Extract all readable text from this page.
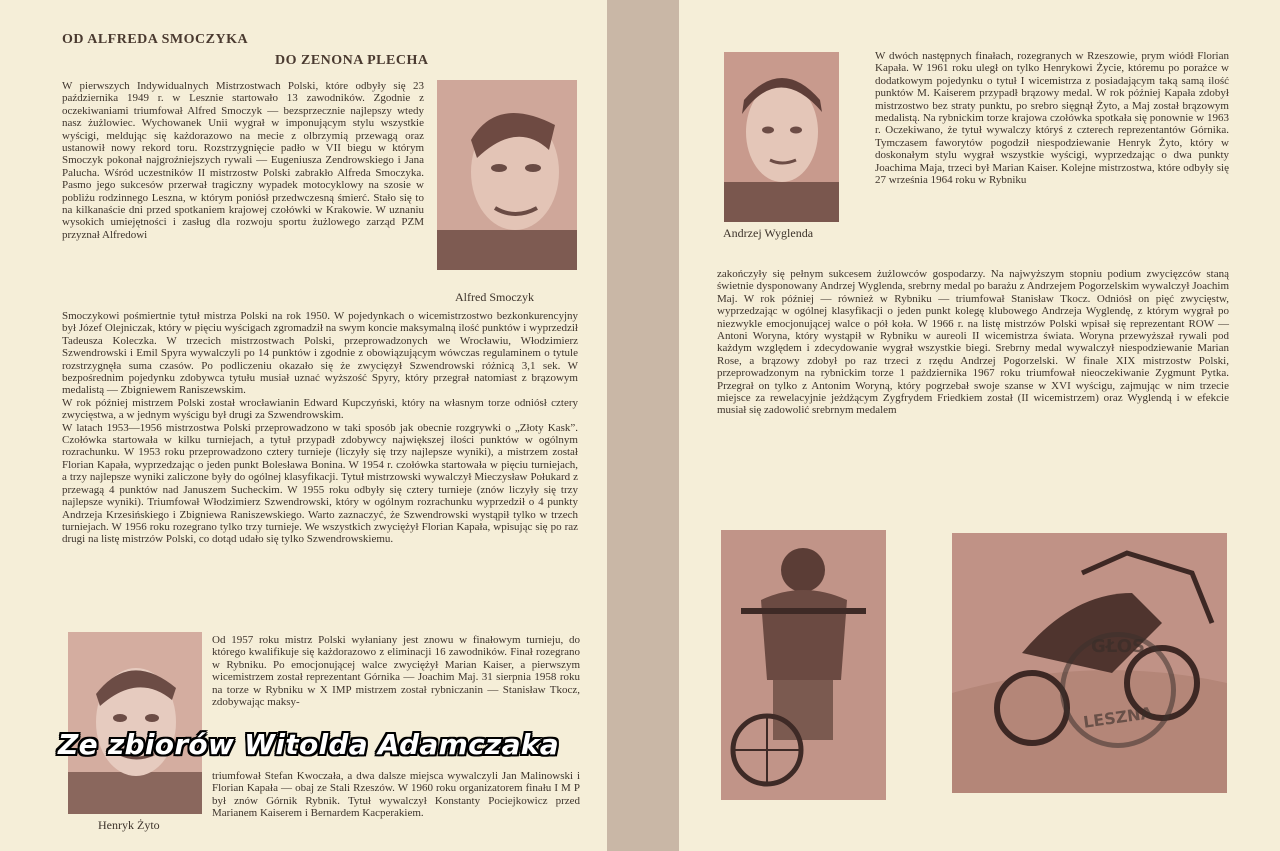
OD ALFREDA SMOCZYKA
DO ZENONA PLECHA
W pierwszych Indywidualnych Mistrzostwach Polski, które odbyły się 23 października 1949 r. w Lesznie startowało 13 zawodników. Zgodnie z oczekiwaniami triumfował Alfred Smoczyk — bezsprzecznie najlepszy wtedy nasz żużlowiec. Wychowanek Unii wygrał w imponującym stylu wszystkie wyścigi, meldując się każdorazowo na mecie z olbrzymią przewagą oraz ustanowił nowy rekord toru. Rozstrzygnięcie padło w VII biegu w którym Smoczyk pokonał najgroźniejszych rywali — Eugeniusza Zendrowskiego i Jana Palucha. Wśród uczestników II mistrzostw Polski zabrakło Alfreda Smoczyka. Pasmo jego sukcesów przerwał tragiczny wypadek motocyklowy na szosie w pobliżu rodzinnego Leszna, w którym poniósł przedwczesną śmierć. Stało się to na kilkanaście dni przed spotkaniem krajowej czołówki w Krakowie. W uznaniu wysokich umiejętności i zasług dla rozwoju sportu żużlowego zarząd PZM przyznał Alfredowi
Alfred Smoczyk
Smoczykowi pośmiertnie tytuł mistrza Polski na rok 1950. W pojedynkach o wicemistrzostwo bezkonkurencyjny był Józef Olejniczak, który w pięciu wyścigach zgromadził na swym koncie maksymalną ilość punktów i wyprzedził Tadeusza Koleczka. W trzecich mistrzostwach Polski, przeprowadzonych we Wrocławiu, Włodzimierz Szwendrowski i Emil Spyra wywalczyli po 14 punktów i zgodnie z obowiązującym wówczas regulaminem o tytule rozstrzygnęła suma czasów. Po podliczeniu okazało się że zwycięzył Szwendrowski różnicą 3,1 sek. W bezpośrednim pojedynku zdobywca tytułu musiał uznać wyższość Spyry, który przegrał natomiast z brązowym medalistą — Zbigniewem Raniszewskim.
W rok później mistrzem Polski został wrocławianin Edward Kupczyński, który na własnym torze odniósł cztery zwycięstwa, a w jednym wyścigu był drugi za Szwendrowskim.
W latach 1953—1956 mistrzostwa Polski przeprowadzono w taki sposób jak obecnie rozgrywki o „Złoty Kask”. Czołówka startowała w kilku turniejach, a tytuł przypadł zdobywcy największej ilości punktów w ogólnym rozrachunku. W 1953 roku przeprowadzono cztery turnieje (liczyły się trzy najlepsze wyniki), a mistrzem został Florian Kapała, wyprzedzając o jeden punkt Bolesława Bonina. W 1954 r. czołówka startowała w pięciu turniejach, a trzy najlepsze wyniki zaliczone były do ogólnej klasyfikacji. Tytuł mistrzowski wywalczył Mieczysław Połukard z przewagą 4 punktów nad Januszem Sucheckim. W 1955 roku odbyły się cztery turnieje (znów liczyły się trzy najlepsze wyniki). Triumfował Włodzimierz Szwendrowski, który w ogólnym rozrachunku wyprzedził o 4 punkty Andrzeja Krzesińskiego i Zbigniewa Raniszewskiego. Warto zaznaczyć, że Szwendrowski wystąpił tylko w trzech turniejach. W 1956 roku rozegrano tylko trzy turnieje. We wszystkich zwyciężył Florian Kapała, wpisując się po raz drugi na listę mistrzów Polski, co dotąd udało się tylko Szwendrowskiemu.
Henryk Żyto
Od 1957 roku mistrz Polski wyłaniany jest znowu w finałowym turnieju, do którego kwalifikuje się każdorazowo z eliminacji 16 zawodników. Finał rozegrano w Rybniku. Po emocjonującej walce zwyciężył Marian Kaiser, a pierwszym wicemistrzem został reprezentant Górnika — Joachim Maj. 31 sierpnia 1958 roku na torze w Rybniku w X IMP mistrzem został rybniczanin — Stanisław Tkocz, zdobywając maksy-
triumfował Stefan Kwoczała, a dwa dalsze miejsca wywalczyli Jan Malinowski i Florian Kapała — obaj ze Stali Rzeszów. W 1960 roku organizatorem finału I M P był znów Górnik Rybnik. Tytuł wywalczył Konstanty Pociejkowicz przed Marianem Kaiserem i Bernardem Kacperakiem.
Andrzej Wyglenda
W dwóch następnych finałach, rozegranych w Rzeszowie, prym wiódł Florian Kapała. W 1961 roku uległ on tylko Henrykowi Życie, któremu po porażce w dodatkowym pojedynku o tytuł I wicemistrza z posiadającym taką samą ilość punktów M. Kaiserem przypadł brązowy medal. W rok później Kapała zdobył mistrzostwo bez straty punktu, po srebro sięgnął Żyto, a Maj został brązowym medalistą. Na rybnickim torze krajowa czołówka spotkała się ponownie w 1963 r. Oczekiwano, że tytuł wywalczy któryś z czterech reprezentantów Górnika. Tymczasem faworytów pogodził niespodziewanie Henryk Żyto, który w doskonałym stylu wygrał wszystkie wyścigi, wyprzedzając o dwa punkty Joachima Maja, trzeci był Marian Kaiser. Kolejne mistrzostwa, które odbyły się 27 września 1964 roku w Rybniku
zakończyły się pełnym sukcesem żużlowców gospodarzy. Na najwyższym stopniu podium zwycięzców staną świetnie dysponowany Andrzej Wyglenda, srebrny medal po barażu z Andrzejem Pogorzelskim wywalczył Joachim Maj. W rok później — również w Rybniku — triumfował Stanisław Tkocz. Odniósł on pięć zwycięstw, wyprzedzając w ogólnej klasyfikacji o jeden punkt kolegę klubowego Andrzeja Wyglendę, z którym wygrał po niezwykle emocjonującej walce o pół koła. W 1966 r. na listę mistrzów Polski wpisał się reprezentant ROW — Antoni Woryna, który wystąpił w Rybniku w aureoli II wicemistrza świata. Woryna przewyższał rywali pod każdym względem i zdecydowanie wygrał wszystkie biegi. Srebrny medal wywalczył niespodziewanie Marian Rose, a brązowy zdobył po raz trzeci z rzędu Andrzej Pogorzelski. W finale XIX mistrzostw Polski, przeprowadzonym na rybnickim torze 1 października 1967 roku triumfował nieoczekiwanie Zygmunt Pytka. Przegrał on tylko z Antonim Woryną, który pogrzebał swoje szanse w XVI wyścigu, zajmując w nim trzecie miejsce za rewelacyjnie jeżdżącym Zygfrydem Friedkiem został (II wicemistrzem) oraz Wyglendą i w efekcie musiał się zadowolić srebrnym medalem
GŁOS
LESZNA
Ze zbiorów Witolda Adamczaka
